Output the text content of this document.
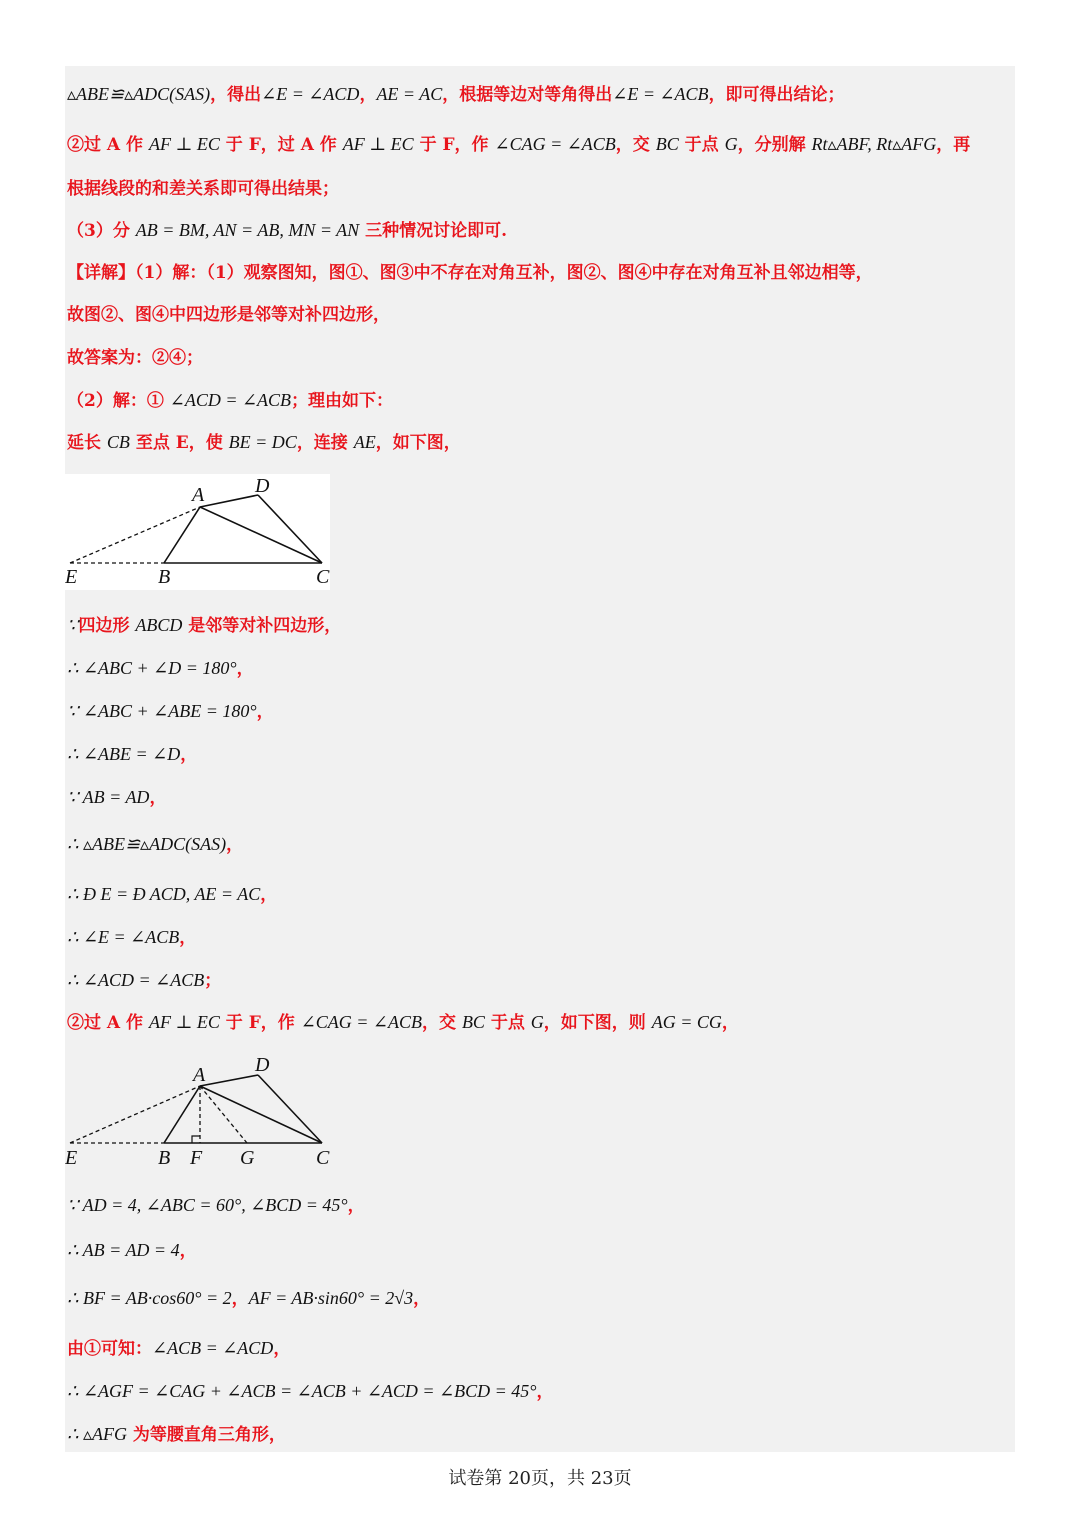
▵ABE≌▵ADC(SAS)，得出∠E = ∠ACD，AE = AC，根据等边对等角得出∠E = ∠ACB，即可得出结论；
②过 A 作 AF ⊥ EC 于 F，过 A 作 AF ⊥ EC 于 F，作 ∠CAG = ∠ACB，交 BC 于点 G，分别解 Rt▵ABF, Rt▵AFG，再
根据线段的和差关系即可得出结果；
（3）分 AB = BM, AN = AB, MN = AN 三种情况讨论即可.
【详解】（1）解：（1）观察图知，图①、图③中不存在对角互补，图②、图④中存在对角互补且邻边相等，
故图②、图④中四边形是邻等对补四边形，
故答案为：②④；
（2）解：① ∠ACD = ∠ACB；理由如下：
延长 CB 至点 E，使 BE = DC，连接 AE，如下图，
A	D
E	B	C
∵四边形 ABCD 是邻等对补四边形，
∴ ∠ABC + ∠D = 180°，
∵ ∠ABC + ∠ABE = 180°，
∴ ∠ABE = ∠D，
∵ AB = AD，
∴ ▵ABE≌▵ADC(SAS)，
∴ Ð E = Ð ACD, AE = AC，
∴ ∠E = ∠ACB，
∴ ∠ACD = ∠ACB；
②过 A 作 AF ⊥ EC 于 F，作 ∠CAG = ∠ACB，交 BC 于点 G，如下图，则 AG = CG，
A D
E	B F G	C
∵ AD = 4, ∠ABC = 60°, ∠BCD = 45°，
∴ AB = AD = 4，
∴ BF = AB·cos60° = 2，AF = AB·sin60° = 2√3，
由①可知：∠ACB = ∠ACD，
∴ ∠AGF = ∠CAG + ∠ACB = ∠ACB + ∠ACD = ∠BCD = 45°，
∴ ▵AFG 为等腰直角三角形，
试卷第 20页，共 23页
